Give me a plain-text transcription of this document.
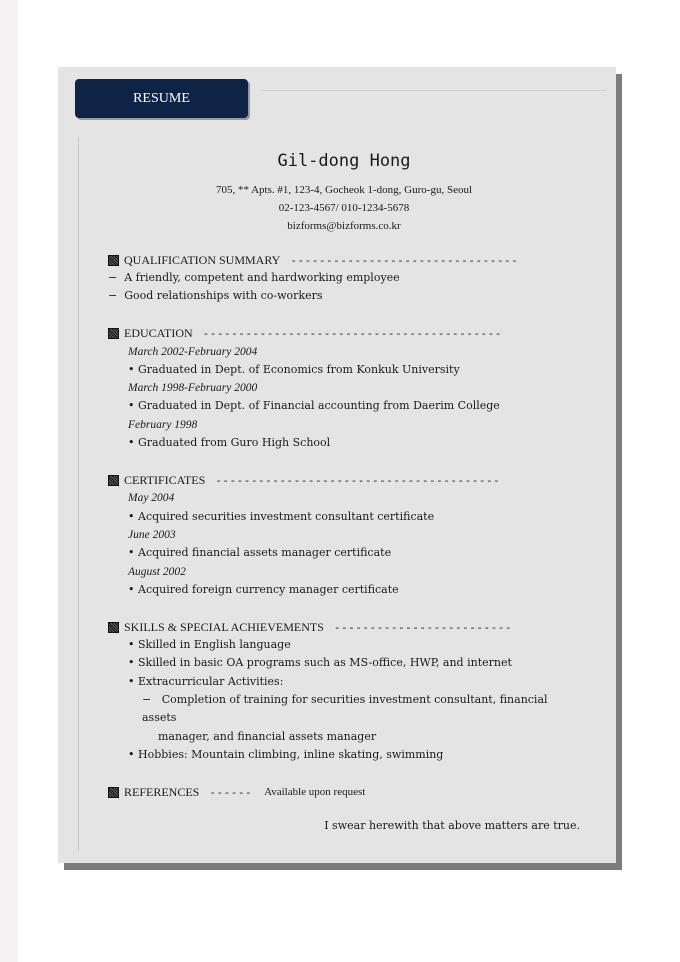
RESUME
Gil-dong Hong
705, ** Apts. #1, 123-4, Gocheok 1-dong, Guro-gu, Seoul
02-123-4567/ 010-1234-5678
bizforms@bizforms.co.kr
QUALIFICATION SUMMARY --------------------------------
−  A friendly, competent and hardworking employee
−  Good relationships with co-workers
EDUCATION ------------------------------------------
March 2002-February 2004
• Graduated in Dept. of Economics from Konkuk University
March 1998-February 2000
• Graduated in Dept. of Financial accounting from Daerim College
February 1998
• Graduated from Guro High School
CERTIFICATES ----------------------------------------
May 2004
• Acquired securities investment consultant certificate
June 2003
• Acquired financial assets manager certificate
August 2002
• Acquired foreign currency manager certificate
SKILLS & SPECIAL ACHIEVEMENTS -------------------------
• Skilled in English language
• Skilled in basic OA programs such as MS-office, HWP, and internet
• Extracurricular Activities:
−   Completion of training for securities investment consultant, financial assets
manager, and financial assets manager
• Hobbies: Mountain climbing, inline skating, swimming
REFERENCES ------ Available upon request
I swear herewith that above matters are true.
